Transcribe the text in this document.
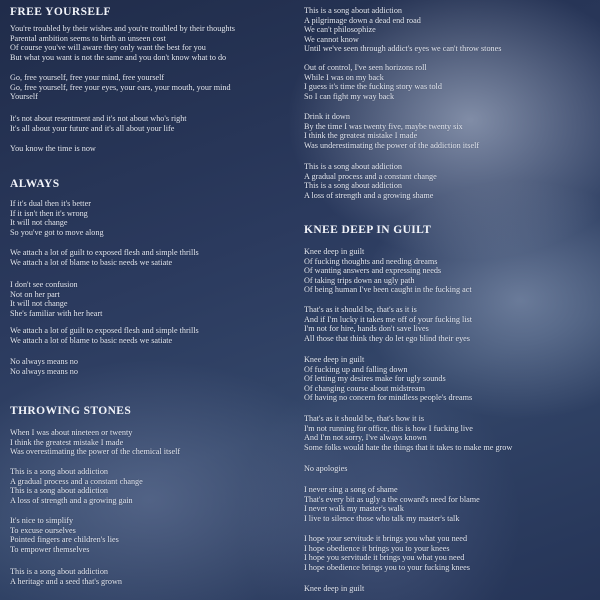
FREE YOURSELF
You're troubled by their wishes and you're troubled by their thoughts
Parental ambition seems to birth an unseen cost
Of course you've will aware they only want the best for you
But what you want is not the same and you don't know what to do
Go, free yourself, free your mind, free yourself
Go, free yourself, free your eyes, your ears, your mouth, your mind
Yourself
It's not about resentment and it's not about who's right
It's all about your future and it's all about your life
You know the time is now
ALWAYS
If it's dual then it's better
If it isn't then it's wrong
It will not change
So you've got to move along
We attach a lot of guilt to exposed flesh and simple thrills
We attach a lot of blame to basic needs we satiate
I don't see confusion
Not on her part
It will not change
She's familiar with her heart
We attach a lot of guilt to exposed flesh and simple thrills
We attach a lot of blame to basic needs we satiate
No always means no
No always means no
THROWING STONES
When I was about nineteen or twenty
I think the greatest mistake I made
Was overestimating the power of the chemical itself
This is a song about addiction
A gradual process and a constant change
This is a song about addiction
A loss of strength and a growing gain
It's nice to simplify
To excuse ourselves
Pointed fingers are children's lies
To empower themselves
This is a song about addiction
A heritage and a seed that's grown
This is a song about addiction
A pilgrimage down a dead end road
We can't philosophize
We cannot know
Until we've seen through addict's eyes we can't throw stones
Out of control, I've seen horizons roll
While I was on my back
I guess it's time the fucking story was told
So I can fight my way back
Drink it down
By the time I was twenty five, maybe twenty six
I think the greatest mistake I made
Was underestimating the power of the addiction itself
This is a song about addiction
A gradual process and a constant change
This is a song about addiction
A loss of strength and a growing shame
KNEE DEEP IN GUILT
Knee deep in guilt
Of fucking thoughts and needing dreams
Of wanting answers and expressing needs
Of taking trips down an ugly path
Of being human I've been caught in the fucking act
That's as it should be, that's as it is
And if I'm lucky it takes me off of your fucking list
I'm not for hire, hands don't save lives
All those that think they do let ego blind their eyes
Knee deep in guilt
Of fucking up and falling down
Of letting my desires make for ugly sounds
Of changing course about midstream
Of having no concern for mindless people's dreams
That's as it should be, that's how it is
I'm not running for office, this is how I fucking live
And I'm not sorry, I've always known
Some folks would hate the things that it takes to make me grow
No apologies
I never sing a song of shame
That's every bit as ugly a the coward's need for blame
I never walk my master's walk
I live to silence those who talk my master's talk
I hope your servitude it brings you what you need
I hope obedience it brings you to your knees
I hope you servitude it brings you what you need
I hope obedience brings you to your fucking knees
Knee deep in guilt
